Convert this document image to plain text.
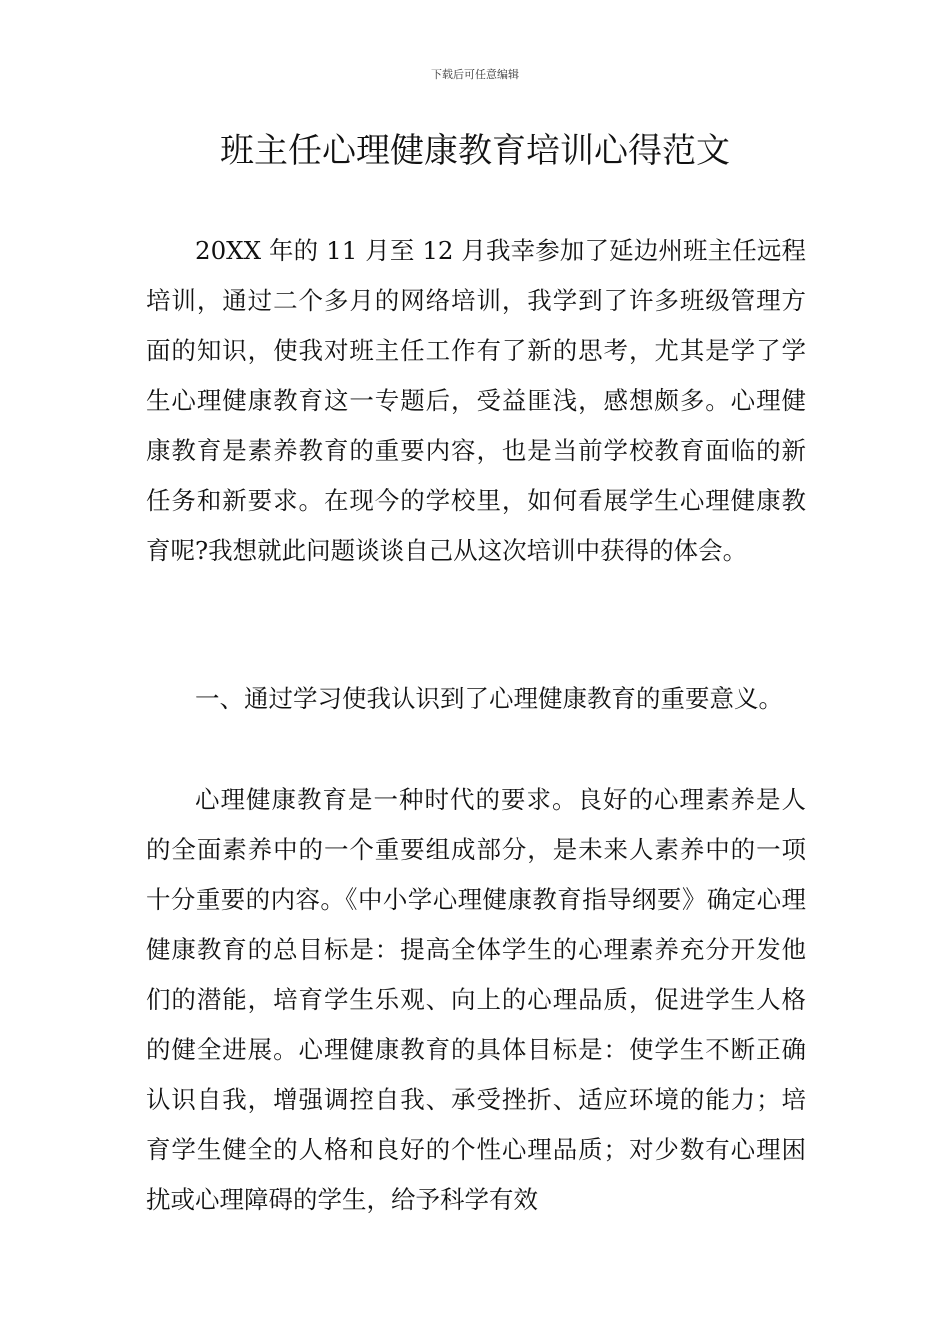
下载后可任意编辑
班主任心理健康教育培训心得范文

20XX 年的 11 月至 12 月我幸参加了延边州班主任远程培训，通过二个多月的网络培训，我学到了许多班级管理方面的知识，使我对班主任工作有了新的思考，尤其是学了学生心理健康教育这一专题后，受益匪浅，感想颇多。心理健康教育是素养教育的重要内容，也是当前学校教育面临的新任务和新要求。在现今的学校里，如何看展学生心理健康教育呢?我想就此问题谈谈自己从这次培训中获得的体会。

一、通过学习使我认识到了心理健康教育的重要意义。

心理健康教育是一种时代的要求。良好的心理素养是人的全面素养中的一个重要组成部分，是未来人素养中的一项十分重要的内容。《中小学心理健康教育指导纲要》确定心理健康教育的总目标是：提高全体学生的心理素养充分开发他们的潜能，培育学生乐观、向上的心理品质，促进学生人格的健全进展。心理健康教育的具体目标是：使学生不断正确认识自我，增强调控自我、承受挫折、适应环境的能力；培育学生健全的人格和良好的个性心理品质；对少数有心理困扰或心理障碍的学生，给予科学有效
